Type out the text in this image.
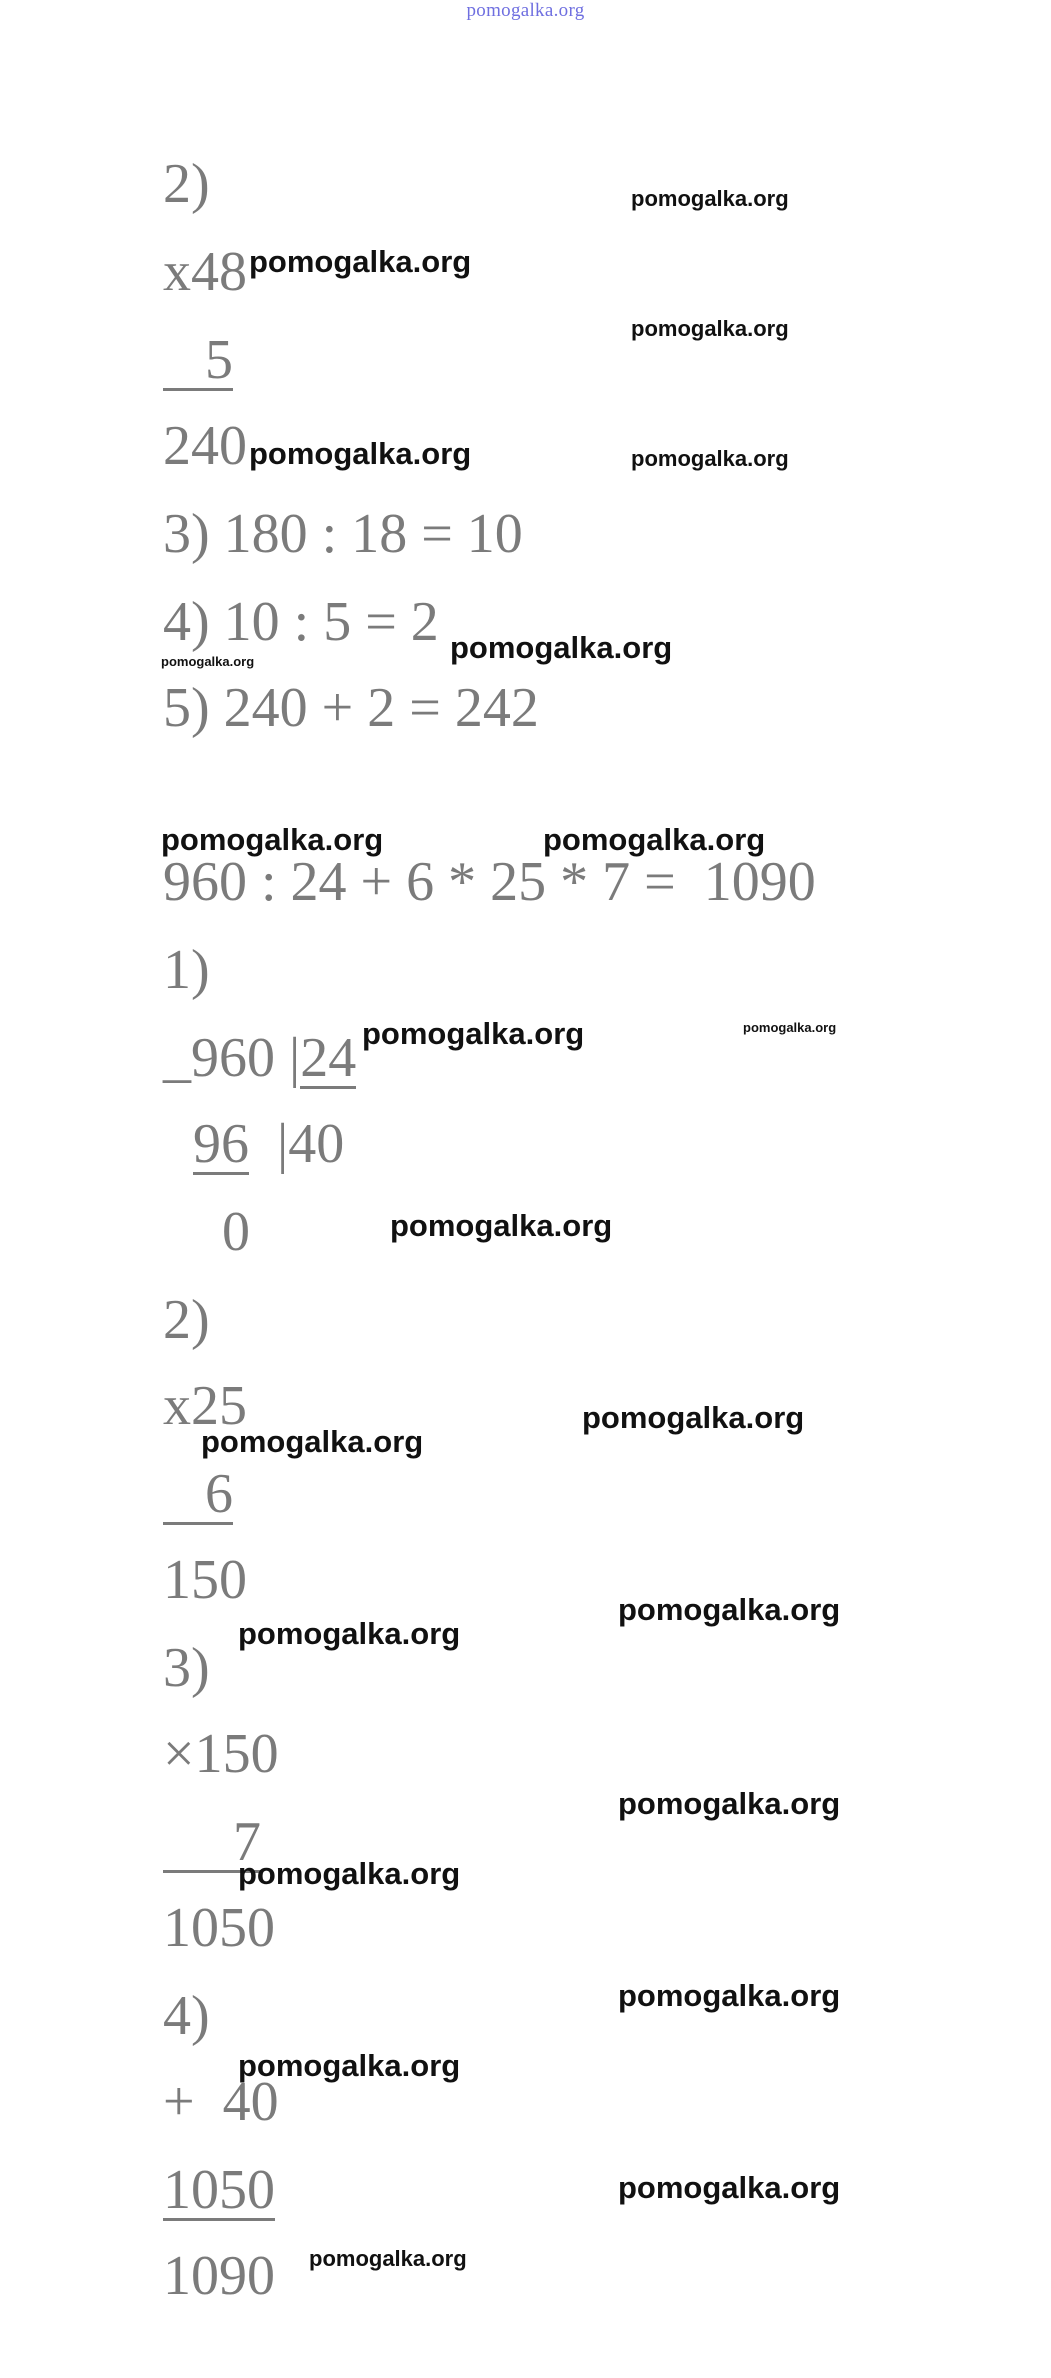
pomogalka.org
2)
x48
5
240
3) 180 : 18 = 10
4) 10 : 5 = 2
5) 240 + 2 = 242
960 : 24 + 6 * 25 * 7 =  1090
1)
_960 |24
96  |40
0
2)
x25
6
150
3)
×150
7
1050
4)
+  40
1050
1090
pomogalka.org
pomogalka.org
pomogalka.org
pomogalka.org	pomogalka.org
pomogalka.org
pomogalka.org
pomogalka.org	pomogalka.org
pomogalka.org	pomogalka.org
pomogalka.org
pomogalka.org
pomogalka.org
pomogalka.org
pomogalka.org
pomogalka.org
pomogalka.org
pomogalka.org
pomogalka.org
pomogalka.org
pomogalka.org
